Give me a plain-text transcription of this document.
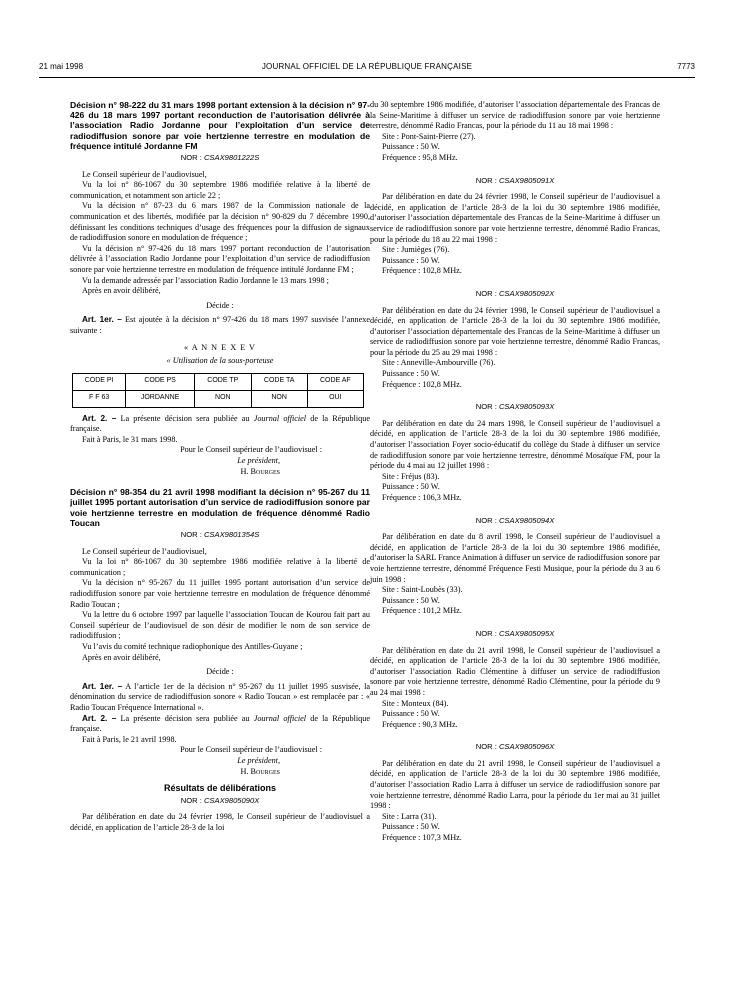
21 mai 1998	JOURNAL OFFICIEL DE LA RÉPUBLIQUE FRANÇAISE	7773
Décision n° 98-222 du 31 mars 1998 portant extension à la décision n° 97-426 du 18 mars 1997 portant reconduction de l’autorisation délivrée à l’association Radio Jordanne pour l’exploitation d’un service de radiodiffusion sonore par voie hertzienne terrestre en modulation de fréquence intitulé Jordanne FM
NOR : CSAX9801222S

Le Conseil supérieur de l’audiovisuel,

Vu la loi n° 86-1067 du 30 septembre 1986 modifiée relative à la liberté de communication, et notamment son article 22 ;

Vu la décision n° 87-23 du 6 mars 1987 de la Commission nationale de la communication et des libertés, modifiée par la décision n° 90-829 du 7 décembre 1990, définissant les conditions techniques d’usage des fréquences pour la diffusion de signaux de radiodiffusion sonore en modulation de fréquence ;

Vu la décision n° 97-426 du 18 mars 1997 portant reconduction de l’autorisation délivrée à l’association Radio Jordanne pour l’exploitation d’un service de radiodiffusion sonore par voie hertzienne terrestre en modulation de fréquence intitulé Jordanne FM ;

Vu la demande adressée par l’association Radio Jordanne le 13 mars 1998 ;

Après en avoir délibéré,

Décide :

Art. 1er. – Est ajoutée à la décision n° 97-426 du 18 mars 1997 susvisée l’annexe suivante :

« A N N E X E V
« Utilisation de la sous-porteuse
CODE PI	CODE PS	CODE TP	CODE TA	CODE AF
F F 63	JORDANNE	NON	NON	OUI

Art. 2. – La présente décision sera publiée au Journal officiel de la République française.

Fait à Paris, le 31 mars 1998.

Pour le Conseil supérieur de l’audiovisuel :
Le président,
H. Bourges
Décision n° 98-354 du 21 avril 1998 modifiant la décision n° 95-267 du 11 juillet 1995 portant autorisation d’un service de radiodiffusion sonore par voie hertzienne terrestre en modulation de fréquence dénommé Radio Toucan
NOR : CSAX9801354S

Le Conseil supérieur de l’audiovisuel,

Vu la loi n° 86-1067 du 30 septembre 1986 modifiée relative à la liberté de communication ;

Vu la décision n° 95-267 du 11 juillet 1995 portant autorisation d’un service de radiodiffusion sonore par voie hertzienne terrestre en modulation de fréquence dénommé Radio Toucan ;

Vu la lettre du 6 octobre 1997 par laquelle l’association Toucan de Kourou fait part au Conseil supérieur de l’audiovisuel de son désir de modifier le nom de son service de radiodiffusion ;

Vu l’avis du comité technique radiophonique des Antilles-Guyane ;

Après en avoir délibéré,

Décide :

Art. 1er. – A l’article 1er de la décision n° 95-267 du 11 juillet 1995 susvisée, la dénomination du service de radiodiffusion sonore « Radio Toucan » est remplacée par : « Radio Toucan Fréquence International ».

Art. 2. – La présente décision sera publiée au Journal officiel de la République française.

Fait à Paris, le 21 avril 1998.

Pour le Conseil supérieur de l’audiovisuel :
Le président,
H. Bourges
Résultats de délibérations
NOR : CSAX9805090X

Par délibération en date du 24 février 1998, le Conseil supérieur de l’audiovisuel a décidé, en application de l’article 28-3 de la loi

du 30 septembre 1986 modifiée, d’autoriser l’association départementale des Francas de la Seine-Maritime à diffuser un service de radiodiffusion sonore par voie hertzienne terrestre, dénommé Radio Francas, pour la période du 11 au 18 mai 1998 :

Site : Pont-Saint-Pierre (27).
Puissance : 50 W.
Fréquence : 95,8 MHz.
NOR : CSAX9805091X

Par délibération en date du 24 février 1998, le Conseil supérieur de l’audiovisuel a décidé, en application de l’article 28-3 de la loi du 30 septembre 1986 modifiée, d’autoriser l’association départementale des Francas de la Seine-Maritime à diffuser un service de radiodiffusion sonore par voie hertzienne terrestre, dénommé Radio Francas, pour la période du 18 au 22 mai 1998 :

Site : Jumièges (76).
Puissance : 50 W.
Fréquence : 102,8 MHz.
NOR : CSAX9805092X

Par délibération en date du 24 février 1998, le Conseil supérieur de l’audiovisuel a décidé, en application de l’article 28-3 de la loi du 30 septembre 1986 modifiée, d’autoriser l’association départementale des Francas de la Seine-Maritime à diffuser un service de radiodiffusion sonore par voie hertzienne terrestre, dénommé Radio Francas, pour la période du 25 au 29 mai 1998 :

Site : Anneville-Ambourville (76).
Puissance : 50 W.
Fréquence : 102,8 MHz.
NOR : CSAX9805093X

Par délibération en date du 24 mars 1998, le Conseil supérieur de l’audiovisuel a décidé, en application de l’article 28-3 de la loi du 30 septembre 1986 modifiée, d’autoriser l’association Foyer socio-éducatif du collège du Stade à diffuser un service de radiodiffusion sonore par voie hertzienne terrestre, dénommé Mosaïque FM, pour la période du 4 mai au 12 juillet 1998 :

Site : Fréjus (83).
Puissance : 50 W.
Fréquence : 106,3 MHz.
NOR : CSAX9805094X

Par délibération en date du 8 avril 1998, le Conseil supérieur de l’audiovisuel a décidé, en application de l’article 28-3 de la loi du 30 septembre 1986 modifiée, d’autoriser la SARL France Animation à diffuser un service de radiodiffusion sonore par voie hertzienne terrestre, dénommé Fréquence Festi Musique, pour la période du 3 au 6 juin 1998 :

Site : Saint-Loubès (33).
Puissance : 50 W.
Fréquence : 101,2 MHz.
NOR : CSAX9805095X

Par délibération en date du 21 avril 1998, le Conseil supérieur de l’audiovisuel a décidé, en application de l’article 28-3 de la loi du 30 septembre 1986 modifiée, d’autoriser l’association Radio Clémentine à diffuser un service de radiodiffusion sonore par voie hertzienne terrestre, dénommé Radio Clémentine, pour la période du 9 au 24 mai 1998 :

Site : Monteux (84).
Puissance : 50 W.
Fréquence : 90,3 MHz.
NOR : CSAX9805096X

Par délibération en date du 21 avril 1998, le Conseil supérieur de l’audiovisuel a décidé, en application de l’article 28-3 de la loi du 30 septembre 1986 modifiée, d’autoriser l’association Radio Larra à diffuser un service de radiodiffusion sonore par voie hertzienne terrestre, dénommé Radio Larra, pour la période du 1er mai au 31 juillet 1998 :

Site : Larra (31).
Puissance : 50 W.
Fréquence : 107,3 MHz.
